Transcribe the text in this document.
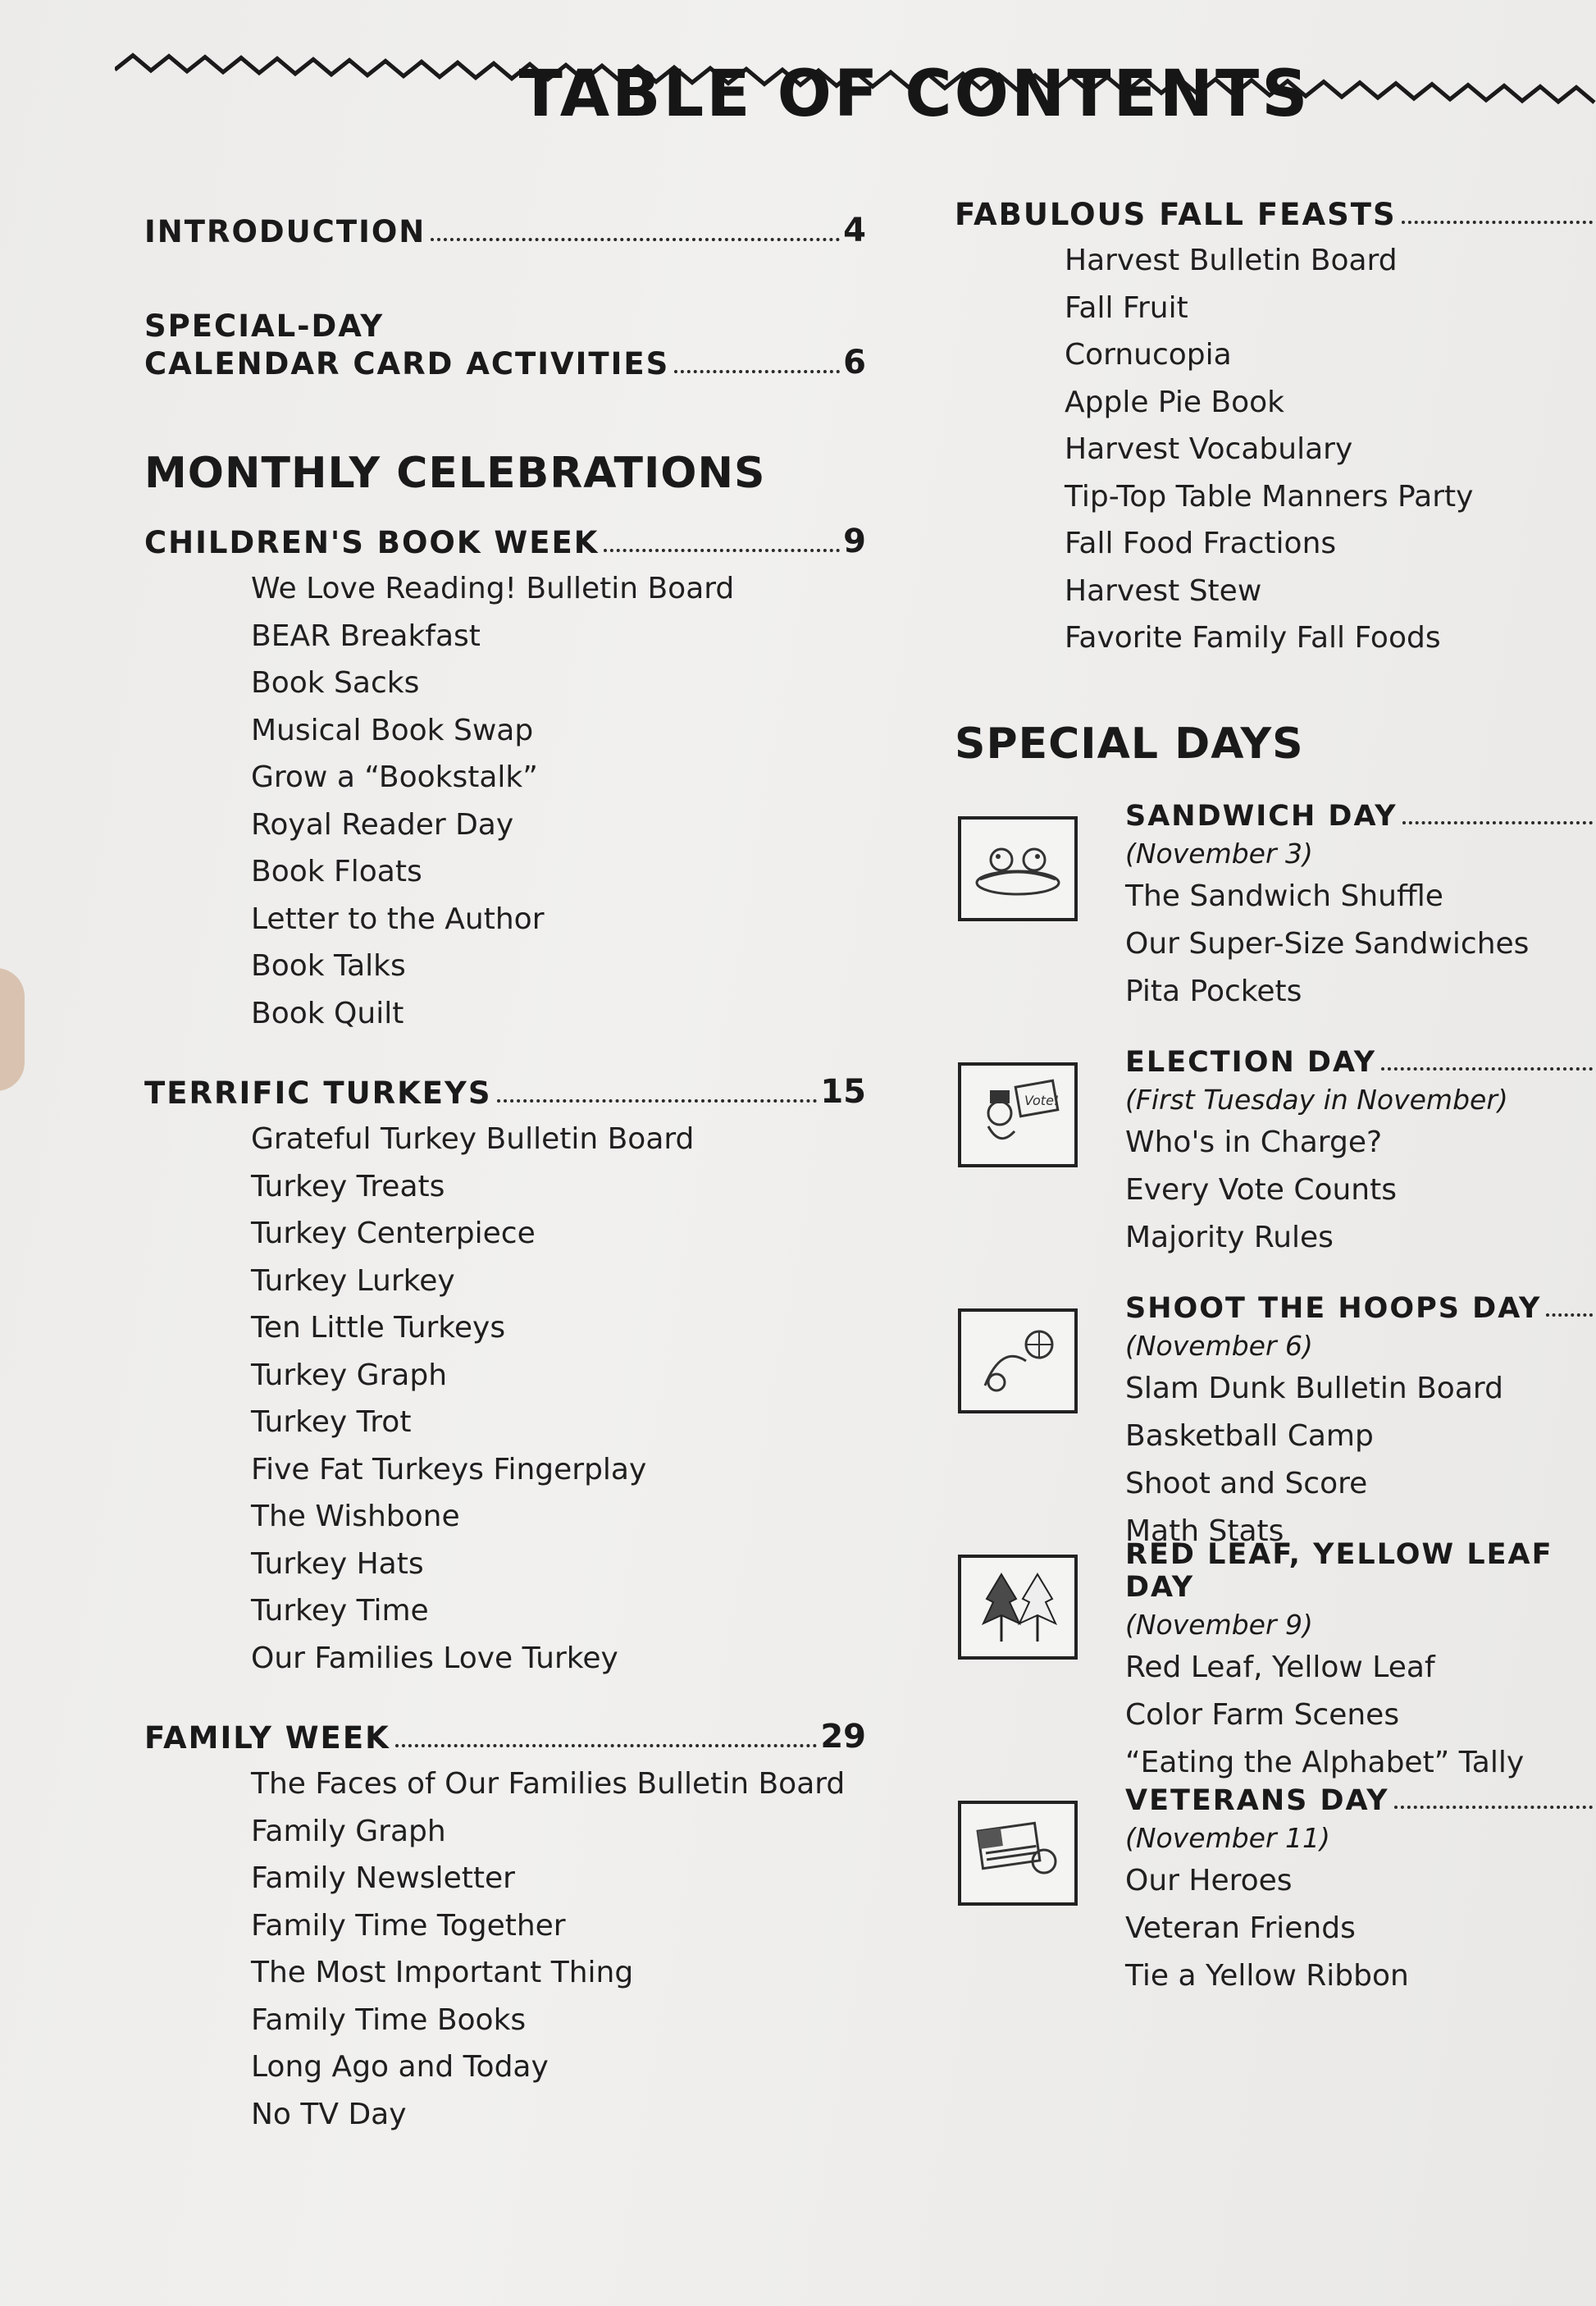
TABLE OF CONTENTS
INTRODUCTION	4
SPECIAL-DAY
CALENDAR CARD ACTIVITIES	6
MONTHLY CELEBRATIONS
CHILDREN'S BOOK WEEK	9
We Love Reading! Bulletin Board
BEAR Breakfast
Book Sacks
Musical Book Swap
Grow a “Bookstalk”
Royal Reader Day
Book Floats
Letter to the Author
Book Talks
Book Quilt
TERRIFIC TURKEYS	15
Grateful Turkey Bulletin Board
Turkey Treats
Turkey Centerpiece
Turkey Lurkey
Ten Little Turkeys
Turkey Graph
Turkey Trot
Five Fat Turkeys Fingerplay
The Wishbone
Turkey Hats
Turkey Time
Our Families Love Turkey
FAMILY WEEK	29
The Faces of Our Families Bulletin Board
Family Graph
Family Newsletter
Family Time Together
The Most Important Thing
Family Time Books
Long Ago and Today
No TV Day
FABULOUS FALL FEASTS
Harvest Bulletin Board
Fall Fruit
Cornucopia
Apple Pie Book
Harvest Vocabulary
Tip-Top Table Manners Party
Fall Food Fractions
Harvest Stew
Favorite Family Fall Foods
SPECIAL DAYS
SANDWICH DAY
(November 3)
The Sandwich Shuffle
Our Super-Size Sandwiches
Pita Pockets
Vote!
ELECTION DAY
(First Tuesday in November)
Who's in Charge?
Every Vote Counts
Majority Rules
SHOOT THE HOOPS DAY
(November 6)
Slam Dunk Bulletin Board
Basketball Camp
Shoot and Score
Math Stats
RED LEAF, YELLOW LEAF DAY
(November 9)
Red Leaf, Yellow Leaf
Color Farm Scenes
“Eating the Alphabet” Tally
VETERANS DAY
(November 11)
Our Heroes
Veteran Friends
Tie a Yellow Ribbon
